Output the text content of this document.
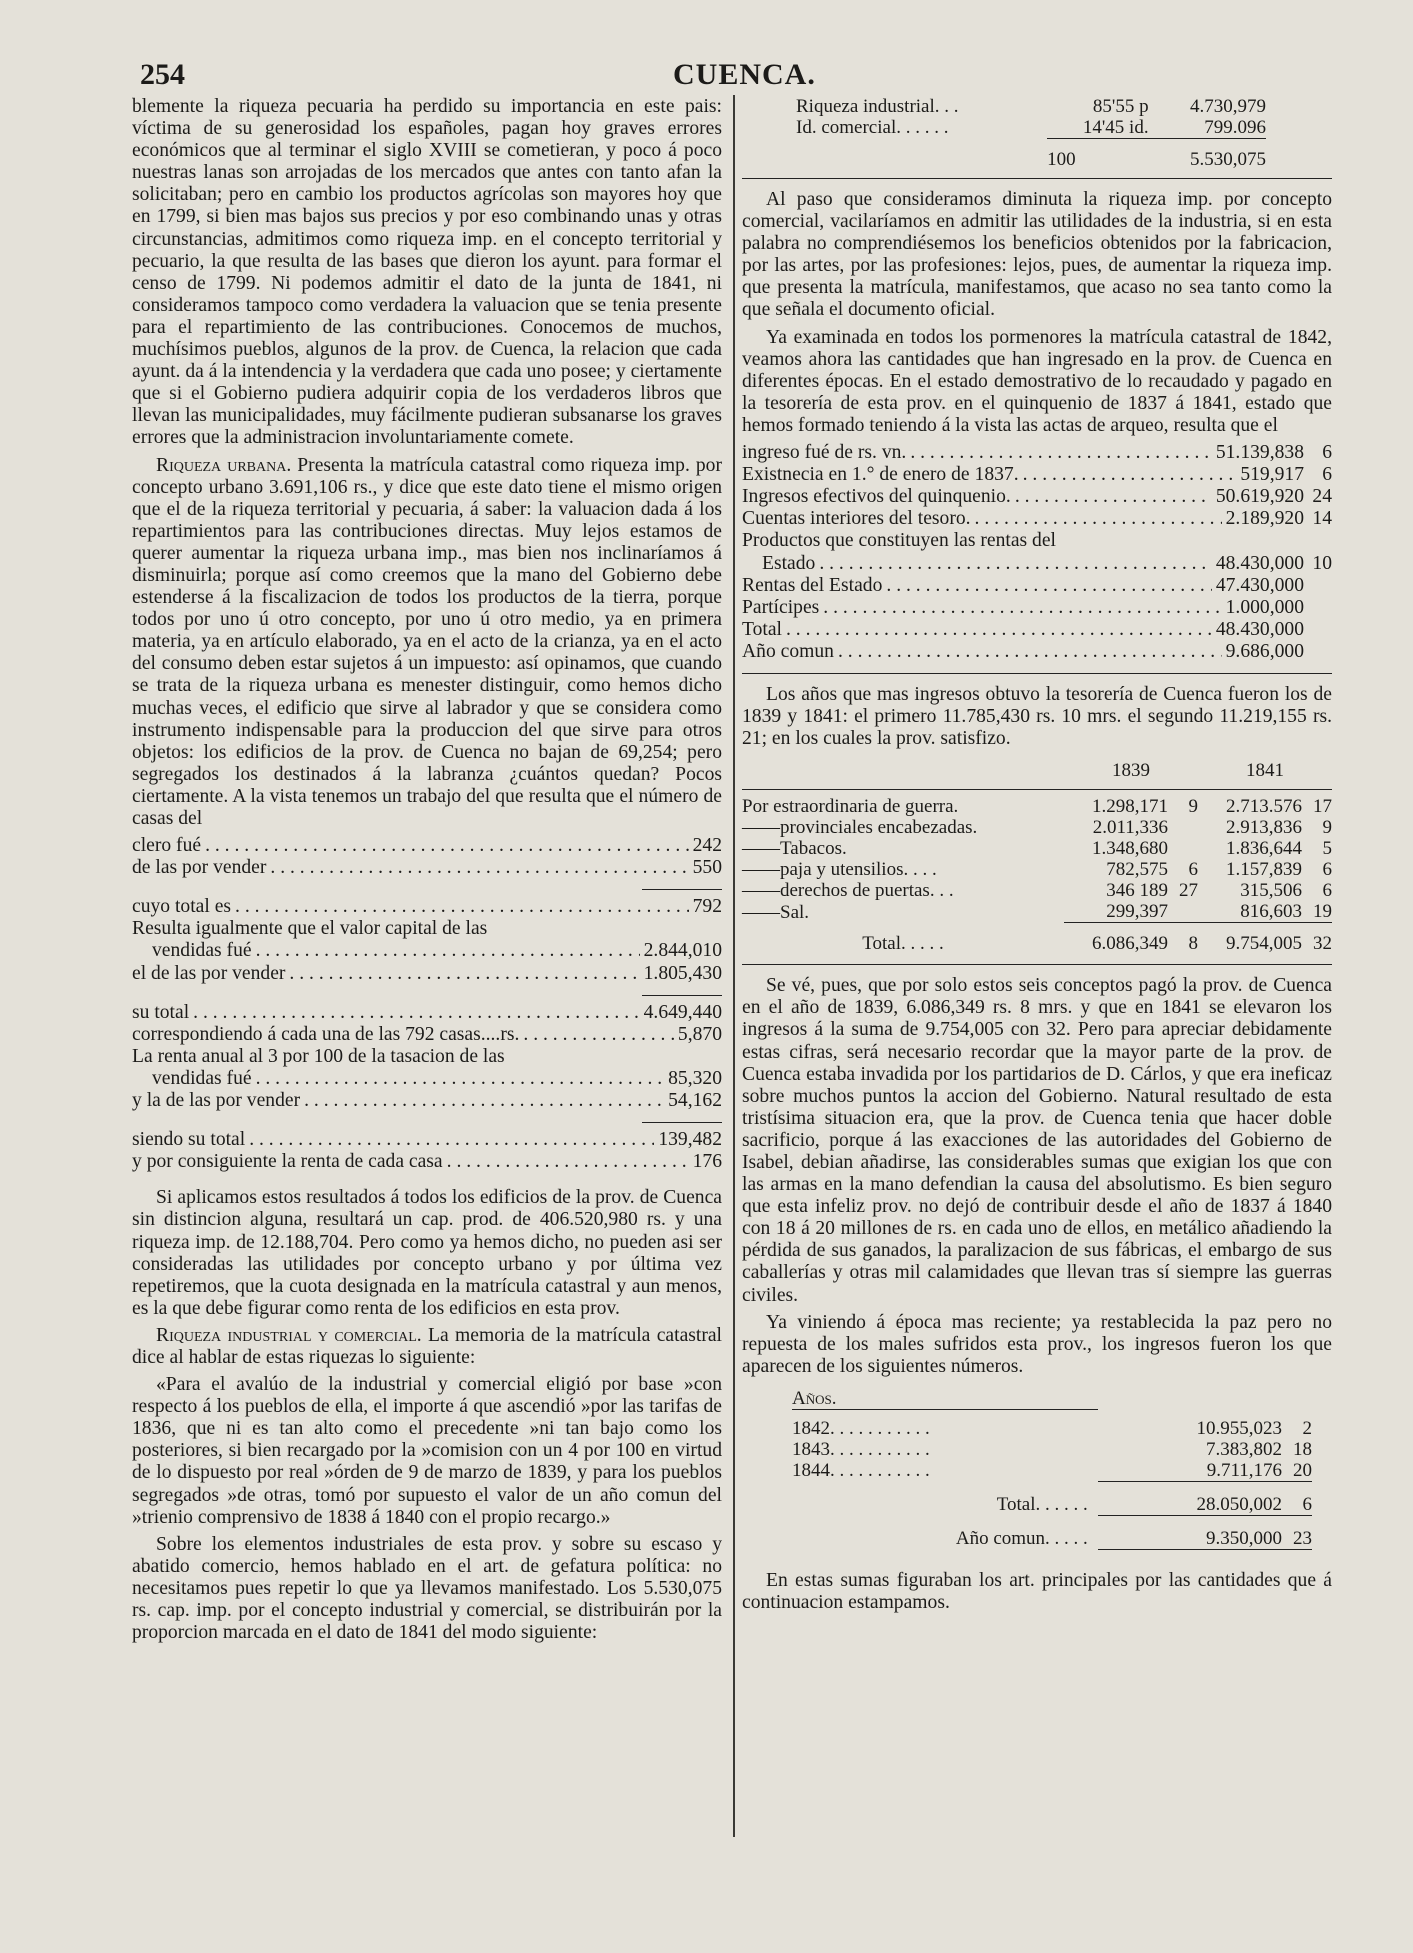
254	CUENCA.

blemente la riqueza pecuaria ha perdido su importancia en este pais: víctima de su generosidad los españoles, pagan hoy graves errores económicos que al terminar el siglo XVIII se cometieran, y poco á poco nuestras lanas son arrojadas de los mercados que antes con tanto afan la solicitaban; pero en cambio los productos agrícolas son mayores hoy que en 1799, si bien mas bajos sus precios y por eso combinando unas y otras circunstancias, admitimos como riqueza imp. en el concepto territorial y pecuario, la que resulta de las bases que dieron los ayunt. para formar el censo de 1799. Ni podemos admitir el dato de la junta de 1841, ni consideramos tampoco como verdadera la valuacion que se tenia presente para el repartimiento de las contribuciones. Conocemos de muchos, muchísimos pueblos, algunos de la prov. de Cuenca, la relacion que cada ayunt. da á la intendencia y la verdadera que cada uno posee; y ciertamente que si el Gobierno pudiera adquirir copia de los verdaderos libros que llevan las municipalidades, muy fácilmente pudieran subsanarse los graves errores que la administracion involuntariamente comete.

Riqueza urbana. Presenta la matrícula catastral como riqueza imp. por concepto urbano 3.691,106 rs., y dice que este dato tiene el mismo origen que el de la riqueza territorial y pecuaria, á saber: la valuacion dada á los repartimientos para las contribuciones directas. Muy lejos estamos de querer aumentar la riqueza urbana imp., mas bien nos inclinaríamos á disminuirla; porque así como creemos que la mano del Gobierno debe estenderse á la fiscalizacion de todos los productos de la tierra, porque todos por uno ú otro concepto, por uno ú otro medio, ya en primera materia, ya en artículo elaborado, ya en el acto de la crianza, ya en el acto del consumo deben estar sujetos á un impuesto: así opinamos, que cuando se trata de la riqueza urbana es menester distinguir, como hemos dicho muchas veces, el edificio que sirve al labrador y que se considera como instrumento indispensable para la produccion del que sirve para otros objetos: los edificios de la prov. de Cuenca no bajan de 69,254; pero segregados los destinados á la labranza ¿cuántos quedan? Pocos ciertamente. A la vista tenemos un trabajo del que resulta que el número de casas del

clero fué . . .	242
de las por vender . . .	550
cuyo total es . . .	792
Resulta igualmente que el valor capital de las
vendidas fué . . .	2.844,010
el de las por vender . . .	1.805,430
su total . . .	4.649,440
correspondiendo á cada una de las 792 casas....rs. . . .	5,870
La renta anual al 3 por 100 de la tasacion de las
vendidas fué . . .	85,320
y la de las por vender . . .	54,162
siendo su total . . .	139,482
y por consiguiente la renta de cada casa . . .	176

Si aplicamos estos resultados á todos los edificios de la prov. de Cuenca sin distincion alguna, resultará un cap. prod. de 406.520,980 rs. y una riqueza imp. de 12.188,704. Pero como ya hemos dicho, no pueden asi ser consideradas las utilidades por concepto urbano y por última vez repetiremos, que la cuota designada en la matrícula catastral y aun menos, es la que debe figurar como renta de los edificios en esta prov.

Riqueza industrial y comercial. La memoria de la matrícula catastral dice al hablar de estas riquezas lo siguiente:

«Para el avalúo de la industrial y comercial eligió por base »con respecto á los pueblos de ella, el importe á que ascendió »por las tarifas de 1836, que ni es tan alto como el precedente »ni tan bajo como los posteriores, si bien recargado por la »comision con un 4 por 100 en virtud de lo dispuesto por real »órden de 9 de marzo de 1839, y para los pueblos segregados »de otras, tomó por supuesto el valor de un año comun del »trienio comprensivo de 1838 á 1840 con el propio recargo.»

Sobre los elementos industriales de esta prov. y sobre su escaso y abatido comercio, hemos hablado en el art. de gefatura política: no necesitamos pues repetir lo que ya llevamos manifestado. Los 5.530,075 rs. cap. imp. por el concepto industrial y comercial, se distribuirán por la proporcion marcada en el dato de 1841 del modo siguiente:

Riqueza industrial. . .	85'55 p	4.730,979
Id. comercial. . . . . .	14'45 id.	799.096

	100	5.530,075

Al paso que consideramos diminuta la riqueza imp. por concepto comercial, vacilaríamos en admitir las utilidades de la industria, si en esta palabra no comprendiésemos los beneficios obtenidos por la fabricacion, por las artes, por las profesiones: lejos, pues, de aumentar la riqueza imp. que presenta la matrícula, manifestamos, que acaso no sea tanto como la que señala el documento oficial.

Ya examinada en todos los pormenores la matrícula catastral de 1842, veamos ahora las cantidades que han ingresado en la prov. de Cuenca en diferentes épocas. En el estado demostrativo de lo recaudado y pagado en la tesorería de esta prov. en el quinquenio de 1837 á 1841, estado que hemos formado teniendo á la vista las actas de arqueo, resulta que el

ingreso fué de rs. vn. . . .	51.139,838 6
Existnecia en 1.° de enero de 1837. . . .	519,917 6
Ingresos efectivos del quinquenio. . . .	50.619,920 24
Cuentas interiores del tesoro. . . .	2.189,920 14
Productos que constituyen las rentas del
Estado . . .	48.430,000 10
Rentas del Estado . . .	47.430,000
Partícipes . . .	1.000,000
Total . . .	48.430,000
Año comun . . .	9.686,000

Los años que mas ingresos obtuvo la tesorería de Cuenca fueron los de 1839 y 1841: el primero 11.785,430 rs. 10 mrs. el segundo 11.219,155 rs. 21; en los cuales la prov. satisfizo.

	1839		1841	

Por estraordinaria de guerra.	1.298,171	9	2.713.576	17
——provinciales encabezadas.	2.011,336		2.913,836	9
——Tabacos.	1.348,680		1.836,644	5
——paja y utensilios. . . .	782,575	6	1.157,839	6
——derechos de puertas. . .	346 189	27	315,506	6
——Sal.	299,397		816,603	19

Total. . . . .	6.086,349	8	9.754,005	32

Se vé, pues, que por solo estos seis conceptos pagó la prov. de Cuenca en el año de 1839, 6.086,349 rs. 8 mrs. y que en 1841 se elevaron los ingresos á la suma de 9.754,005 con 32. Pero para apreciar debidamente estas cifras, será necesario recordar que la mayor parte de la prov. de Cuenca estaba invadida por los partidarios de D. Cárlos, y que era ineficaz sobre muchos puntos la accion del Gobierno. Natural resultado de esta tristísima situacion era, que la prov. de Cuenca tenia que hacer doble sacrificio, porque á las exacciones de las autoridades del Gobierno de Isabel, debian añadirse, las considerables sumas que exigian los que con las armas en la mano defendian la causa del absolutismo. Es bien seguro que esta infeliz prov. no dejó de contribuir desde el año de 1837 á 1840 con 18 á 20 millones de rs. en cada uno de ellos, en metálico añadiendo la pérdida de sus ganados, la paralizacion de sus fábricas, el embargo de sus caballerías y otras mil calamidades que llevan tras sí siempre las guerras civiles.

Ya viniendo á época mas reciente; ya restablecida la paz pero no repuesta de los males sufridos esta prov., los ingresos fueron los que aparecen de los siguientes números.

Años.		

1842. . . . . . . . . . .	10.955,023	2
1843. . . . . . . . . . .	7.383,802	18
1844. . . . . . . . . . .	9.711,176	20

Total. . . . . .	28.050,002	6

Año comun. . . . .	9.350,000	23

En estas sumas figuraban los art. principales por las cantidades que á continuacion estampamos.
